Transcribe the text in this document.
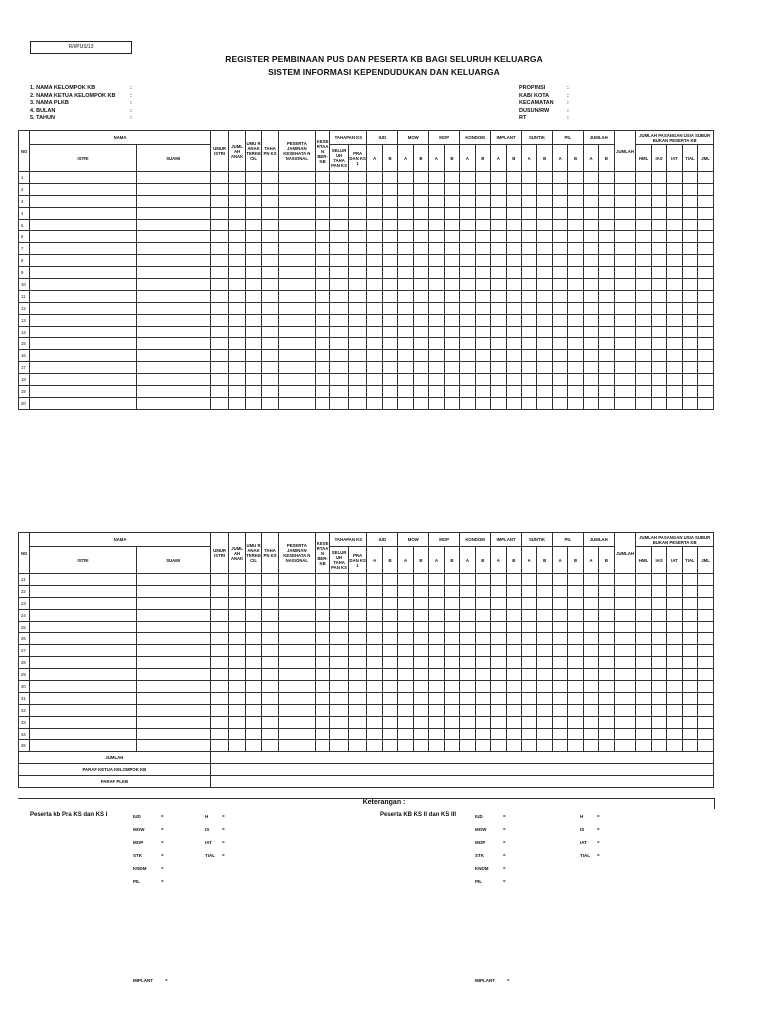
R/I/PUS/13
REGISTER PEMBINAAN PUS DAN PESERTA KB BAGI SELURUH KELUARGA
SISTEM INFORMASI KEPENDUDUKAN DAN KELUARGA
1. NAMA KELOMPOK KB	:
2. NAMA KETUA KELOMPOK KB	:
3. NAMA PLKB	:
4. BULAN	:
5. TAHUN	:
PROPINSI	:
KAB/ KOTA	:
KECAMATAN	:
DUSUN/RW	:
RT	:
NO	NAMA		UMUR ISTRI	JUML AH ANAK	UMU R ANAK TERKE CIL	TAHA PN KS	PESERTA JAMINAN KESEHATA N NASIONAL	KESE RTAA N BER- KB	TAHAPAN KS		IUD		MOW		MOP		KONDOM		IMPLANT		SUNTIK		PIL		JUMLAH		JUMLAH	JUMLAH PASANGAN USIA SUBUR BUKAN PESERTA KB				
	ISTRI	SUAMI							SELUR UH TAHA PAN KS	PRA DAN KS 1																						
											A	B	A	B	A	B	A	B	A	B	A	B	A	B	A	B		HML	IAS	IAT	TIAL	JML
1																																
2																																
3																																
4																																
5																																
6																																
7																																
8																																
9																																
10																																
11																																
12																																
13																																
14																																
15																																
16																																
17																																
18																																
19																																
20																																
NO	NAMA		UMUR ISTRI	JUML AH ANAK	UMU R ANAK TERKE CIL	TAHA PN KS	PESERTA JAMINAN KESEHATA N NASIONAL	KESE RTAA N BER- KB	TAHAPAN KS		IUD		MOW		MOP		KONDOM		IMPLANT		SUNTIK		PIL		JUMLAH		JUMLAH	JUMLAH PASANGAN USIA SUBUR BUKAN PESERTA KB				
	ISTRI	SUAMI							SELUR UH TAHA PAN KS	PRA DAN KS 1																						
											A	B	A	B	A	B	A	B	A	B	A	B	A	B	A	B		HML	IAS	IAT	TIAL	JML
21																																
22																																
23																																
24																																
25																																
26																																
27																																
28																																
29																																
30																																
31																																
32																																
33																																
34																																
35																																
JUMLAH																																
PARAF KETUA KELOMPOK KB																																
PARAF PLKB																																
Keterangan :
Peserta kb Pra KS dan KS I	Peserta KB KS II dan KS III
IUD	=
MOW	=
MOP	=
STK	=
KNDM	=
PIL	=
H	=
IS	=
IAT =
TIAL =
IUD	=
MOW	=
MOP	=
STK	=
KNDM	=
PIL	=
H	=
IS	=
IAT =
TIAL =
IMPLANT	=	IMPLANT	=
